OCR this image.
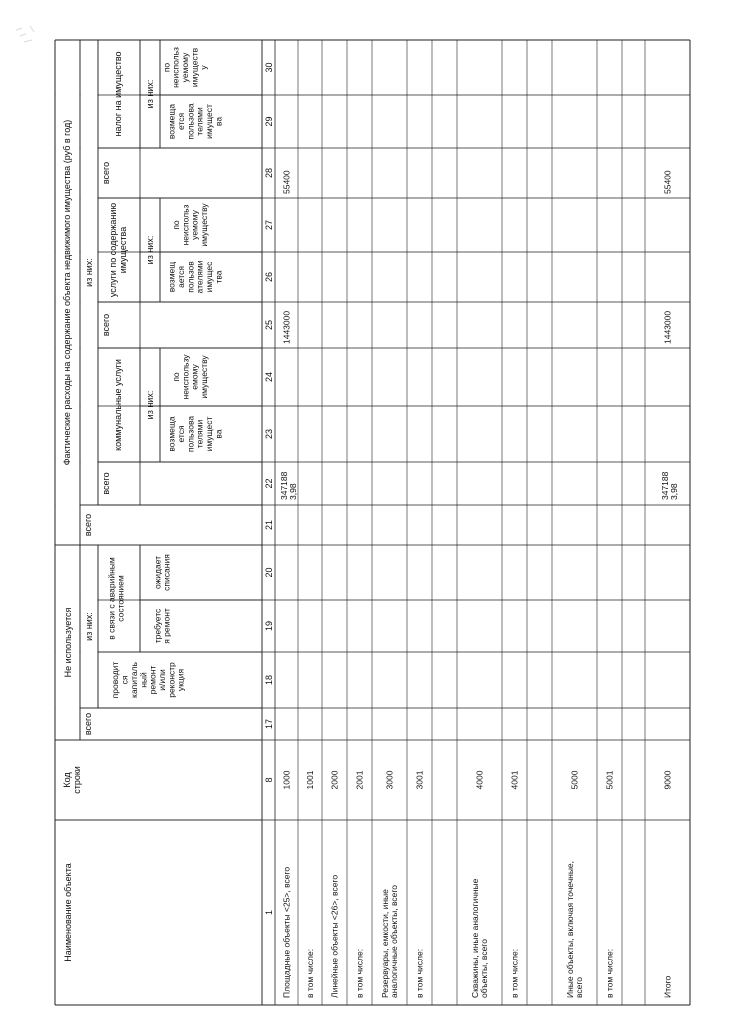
Наименование объекта
Кодстроки
Не используется
Фактические расходы на содержание объекта недвижимого имущества (руб в год)
всего
из них:
всего
из них:
проводитсякапитальныйремонти/илиреконструкция
в связи с аварийнымсостоянием
требуется ремонт
ожидаетсписания
всего
коммунальные услуги
всего
услуги по содержаниюимущества
всего
налог на имущество
из них:
из них:
из них:
возмещаетсяпользователямиимущества
понеиспользуемомуимуществу
возмещаетсяпользователямиимущества
понеиспользуемомуимуществу
возмещаетсяпользователямиимущества
понеиспользуемомуимуществу
1
8
17
18
19
20
21
22
23
24
25
26
27
28
29
30
Площадные объекты <25>, всего
1000
3471883,98
1443000
55400
в том числе:
1001
Линейные объекты <26>, всего
2000
в том числе:
2001
Резервуары, емкости, иныеаналогичные объекты, всего
3000
в том числе:
3001
Скважины, иные аналогичныеобъекты, всего
4000
в том числе:
4001
Иные объекты, включая точечные,всего
5000
в том числе:
5001
Итого
9000
3471883,98
1443000
55400
